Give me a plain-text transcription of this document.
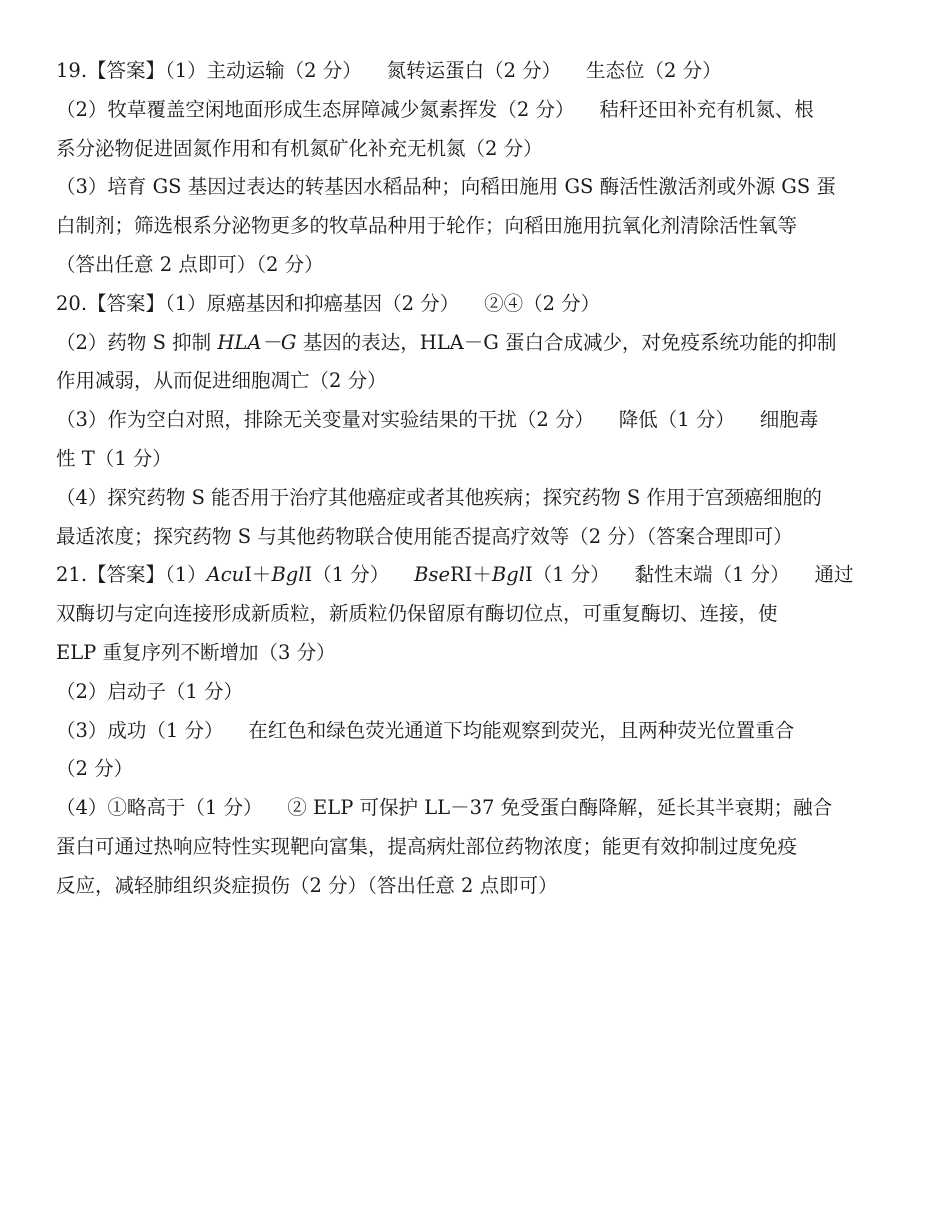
19.【答案】（1）主动运输（2 分）    氮转运蛋白（2 分）    生态位（2 分）
（2）牧草覆盖空闲地面形成生态屏障减少氮素挥发（2 分）    秸秆还田补充有机氮、根
系分泌物促进固氮作用和有机氮矿化补充无机氮（2 分）
（3）培育 GS 基因过表达的转基因水稻品种；向稻田施用 GS 酶活性激活剂或外源 GS 蛋
白制剂；筛选根系分泌物更多的牧草品种用于轮作；向稻田施用抗氧化剂清除活性氧等
（答出任意 2 点即可）（2 分）
20.【答案】（1）原癌基因和抑癌基因（2 分）    ②④（2 分）
（2）药物 S 抑制 HLA－G 基因的表达，HLA－G 蛋白合成减少，对免疫系统功能的抑制
作用减弱，从而促进细胞凋亡（2 分）
（3）作为空白对照，排除无关变量对实验结果的干扰（2 分）    降低（1 分）    细胞毒
性 T（1 分）
（4）探究药物 S 能否用于治疗其他癌症或者其他疾病；探究药物 S 作用于宫颈癌细胞的
最适浓度；探究药物 S 与其他药物联合使用能否提高疗效等（2 分）（答案合理即可）
21.【答案】（1）AcuⅠ＋BglⅠ（1 分）    BseRⅠ＋BglⅠ（1 分）    黏性末端（1 分）    通过
双酶切与定向连接形成新质粒，新质粒仍保留原有酶切位点，可重复酶切、连接，使
ELP 重复序列不断增加（3 分）
（2）启动子（1 分）
（3）成功（1 分）    在红色和绿色荧光通道下均能观察到荧光，且两种荧光位置重合
（2 分）
（4）①略高于（1 分）    ② ELP 可保护 LL－37 免受蛋白酶降解，延长其半衰期；融合
蛋白可通过热响应特性实现靶向富集，提高病灶部位药物浓度；能更有效抑制过度免疫
反应，减轻肺组织炎症损伤（2 分）（答出任意 2 点即可）
